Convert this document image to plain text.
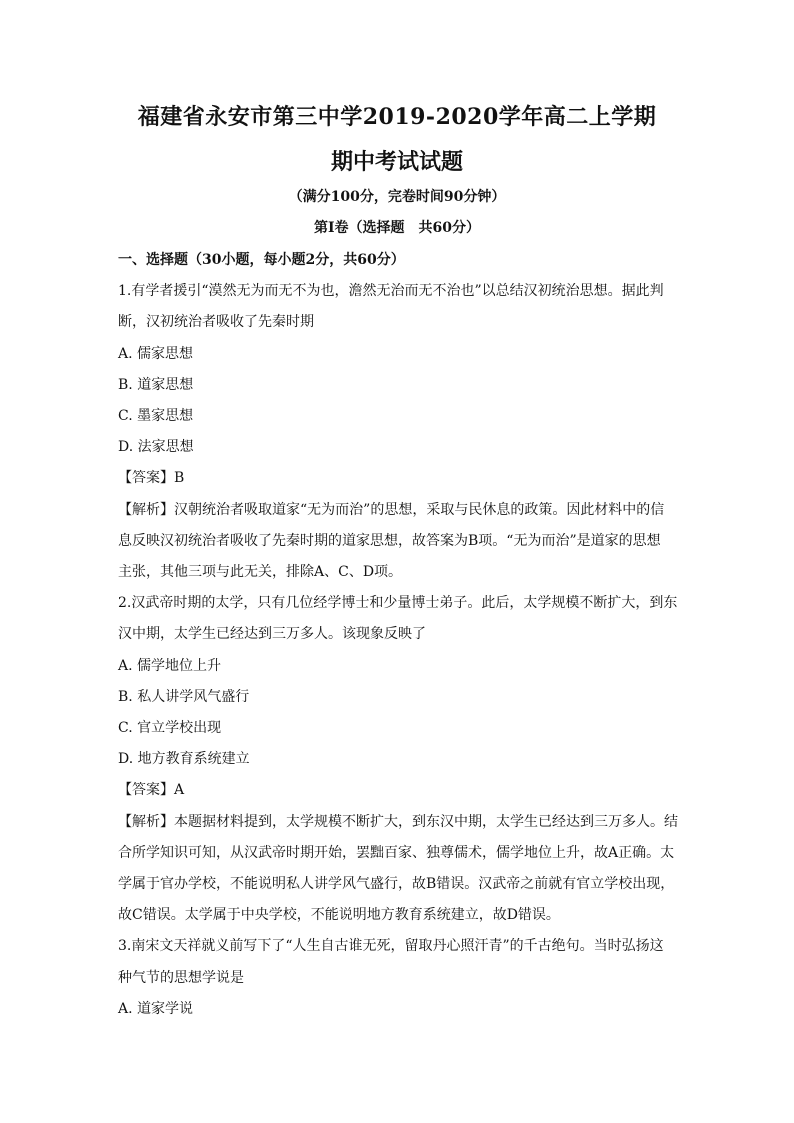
福建省永安市第三中学2019-2020学年高二上学期
期中考试试题
（满分100分，完卷时间90分钟）
第Ⅰ卷（选择题　共60分）

一、选择题（30小题，每小题2分，共60分）

1.有学者援引“漠然无为而无不为也，澹然无治而无不治也”以总结汉初统治思想。据此判

断，汉初统治者吸收了先秦时期

A. 儒家思想

B. 道家思想

C. 墨家思想

D. 法家思想

【答案】B

【解析】汉朝统治者吸取道家“无为而治”的思想，采取与民休息的政策。因此材料中的信

息反映汉初统治者吸收了先秦时期的道家思想，故答案为B项。“无为而治”是道家的思想

主张，其他三项与此无关，排除A、C、D项。

2.汉武帝时期的太学，只有几位经学博士和少量博士弟子。此后，太学规模不断扩大，到东

汉中期，太学生已经达到三万多人。该现象反映了

A. 儒学地位上升

B. 私人讲学风气盛行

C. 官立学校出现

D. 地方教育系统建立

【答案】A

【解析】本题据材料提到，太学规模不断扩大，到东汉中期，太学生已经达到三万多人。结

合所学知识可知，从汉武帝时期开始，罢黜百家、独尊儒术，儒学地位上升，故A正确。太

学属于官办学校，不能说明私人讲学风气盛行，故B错误。汉武帝之前就有官立学校出现，

故C错误。太学属于中央学校，不能说明地方教育系统建立，故D错误。

3.南宋文天祥就义前写下了“人生自古谁无死，留取丹心照汗青”的千古绝句。当时弘扬这

种气节的思想学说是

A. 道家学说
